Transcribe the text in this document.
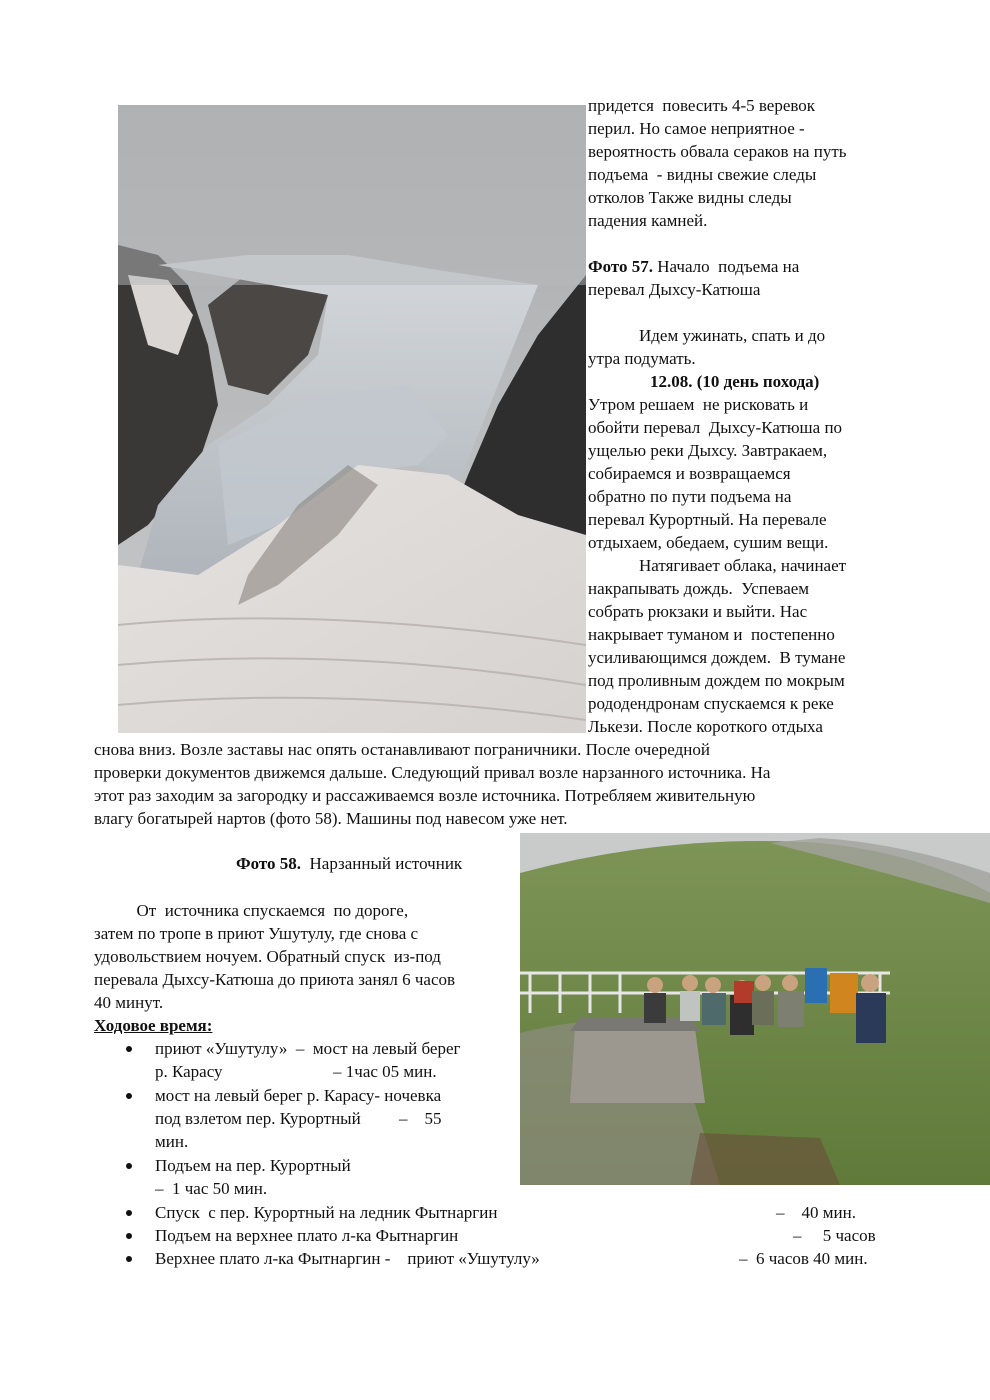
придется  повесить 4-5 веревок
перил. Но самое неприятное -
вероятность обвала сераков на путь
подъема  - видны свежие следы
отколов Также видны следы
падения камней.
Фото 57. Начало  подъема на
перевал Дыхсу-Катюша
Идем ужинать, спать и до
утра подумать.
12.08. (10 день похода)
Утром решаем  не рисковать и
обойти перевал  Дыхсу-Катюша по
ущелью реки Дыхсу. Завтракаем,
собираемся и возвращаемся
обратно по пути подъема на
перевал Курортный. На перевале
отдыхаем, обедаем, сушим вещи.
Натягивает облака, начинает
накрапывать дождь.  Успеваем
собрать рюкзаки и выйти. Нас
накрывает туманом и  постепенно
усиливающимся дождем.  В тумане
под проливным дождем по мокрым
рододендронам спускаемся к реке
Лькези. После короткого отдыха
снова вниз. Возле заставы нас опять останавливают пограничники. После очередной
проверки документов движемся дальше. Следующий привал возле нарзанного источника. На
этот раз заходим за загородку и рассаживаемся возле источника. Потребляем живительную
влагу богатырей нартов (фото 58). Машины под навесом уже нет.
Фото 58.  Нарзанный источник
От  источника спускаемся  по дороге,
затем по тропе в приют Ушутулу, где снова с
удовольствием ночуем. Обратный спуск  из-под
перевала Дыхсу-Катюша до приюта занял 6 часов
40 минут.
Ходовое время:
приют «Ушутулу»  –  мост на левый берег
р. Карасу                          – 1час 05 мин.
мост на левый берег р. Карасу- ночевка
под взлетом пер. Курортный         –    55
мин.
Подъем на пер. Курортный
–  1 час 50 мин.
Спуск  с пер. Курортный на ледник Фытнаргин	–    40 мин.
Подъем на верхнее плато л-ка Фытнаргин	–     5 часов
Верхнее плато л-ка Фытнаргин -    приют «Ушутулу»	–  6 часов 40 мин.
